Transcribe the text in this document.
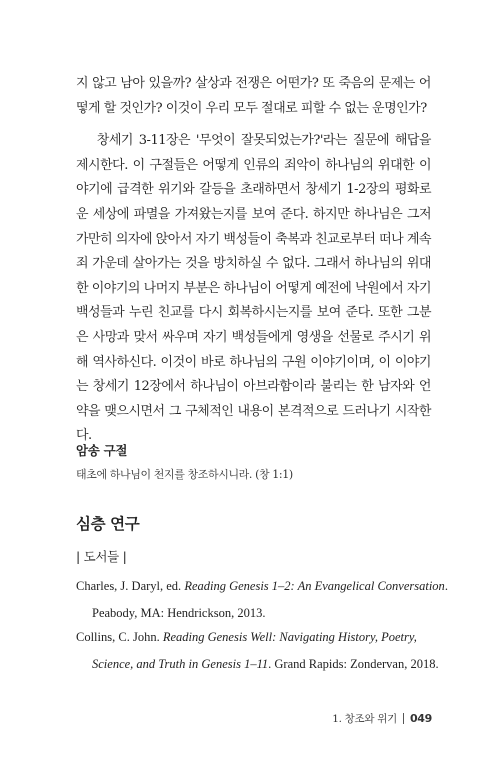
지 않고 남아 있을까? 살상과 전쟁은 어떤가? 또 죽음의 문제는 어떻게 할 것인가? 이것이 우리 모두 절대로 피할 수 없는 운명인가?

창세기 3-11장은 '무엇이 잘못되었는가?'라는 질문에 해답을 제시한다. 이 구절들은 어떻게 인류의 죄악이 하나님의 위대한 이야기에 급격한 위기와 갈등을 초래하면서 창세기 1-2장의 평화로운 세상에 파멸을 가져왔는지를 보여 준다. 하지만 하나님은 그저 가만히 의자에 앉아서 자기 백성들이 축복과 친교로부터 떠나 계속 죄 가운데 살아가는 것을 방치하실 수 없다. 그래서 하나님의 위대한 이야기의 나머지 부분은 하나님이 어떻게 예전에 낙원에서 자기 백성들과 누린 친교를 다시 회복하시는지를 보여 준다. 또한 그분은 사망과 맞서 싸우며 자기 백성들에게 영생을 선물로 주시기 위해 역사하신다. 이것이 바로 하나님의 구원 이야기이며, 이 이야기는 창세기 12장에서 하나님이 아브라함이라 불리는 한 남자와 언약을 맺으시면서 그 구체적인 내용이 본격적으로 드러나기 시작한다.

암송 구절
태초에 하나님이 천지를 창조하시니라. (창 1:1)
심층 연구
| 도서들 |
Charles, J. Daryl, ed. Reading Genesis 1–2: An Evangelical Conversation. Peabody, MA: Hendrickson, 2013.
Collins, C. John. Reading Genesis Well: Navigating History, Poetry, Science, and Truth in Genesis 1–11. Grand Rapids: Zondervan, 2018.
1. 창조와 위기 049
